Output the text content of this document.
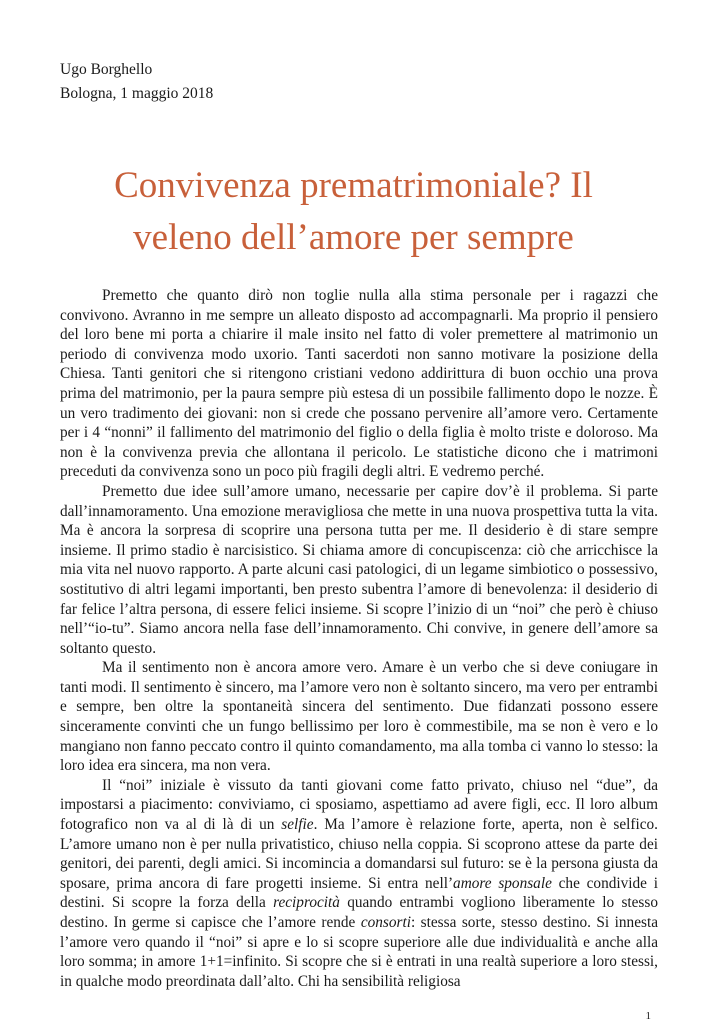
Ugo Borghello
Bologna, 1 maggio 2018
Convivenza prematrimoniale? Il
veleno dell’amore per sempre

Premetto che quanto dirò non toglie nulla alla stima personale per i ragazzi che convivono. Avranno in me sempre un alleato disposto ad accompagnarli. Ma proprio il pensiero del loro bene mi porta a chiarire il male insito nel fatto di voler premettere al matrimonio un periodo di convivenza modo uxorio. Tanti sacerdoti non sanno motivare la posizione della Chiesa. Tanti genitori che si ritengono cristiani vedono addirittura di buon occhio una prova prima del matrimonio, per la paura sempre più estesa di un possibile fallimento dopo le nozze. È un vero tradimento dei giovani: non si crede che possano pervenire all’amore vero. Certamente per i 4 “nonni” il fallimento del matrimonio del figlio o della figlia è molto triste e doloroso. Ma non è la convivenza previa che allontana il pericolo. Le statistiche dicono che i matrimoni preceduti da convivenza sono un poco più fragili degli altri. E vedremo perché.

Premetto due idee sull’amore umano, necessarie per capire dov’è il problema. Si parte dall’innamoramento. Una emozione meravigliosa che mette in una nuova prospettiva tutta la vita. Ma è ancora la sorpresa di scoprire una persona tutta per me. Il desiderio è di stare sempre insieme. Il primo stadio è narcisistico. Si chiama amore di concupiscenza: ciò che arricchisce la mia vita nel nuovo rapporto. A parte alcuni casi patologici, di un legame simbiotico o possessivo, sostitutivo di altri legami importanti, ben presto subentra l’amore di benevolenza: il desiderio di far felice l’altra persona, di essere felici insieme. Si scopre l’inizio di un “noi” che però è chiuso nell’“io-tu”. Siamo ancora nella fase dell’innamoramento. Chi convive, in genere dell’amore sa soltanto questo.

Ma il sentimento non è ancora amore vero. Amare è un verbo che si deve coniugare in tanti modi. Il sentimento è sincero, ma l’amore vero non è soltanto sincero, ma vero per entrambi e sempre, ben oltre la spontaneità sincera del sentimento. Due fidanzati possono essere sinceramente convinti che un fungo bellissimo per loro è commestibile, ma se non è vero e lo mangiano non fanno peccato contro il quinto comandamento, ma alla tomba ci vanno lo stesso: la loro idea era sincera, ma non vera.

Il “noi” iniziale è vissuto da tanti giovani come fatto privato, chiuso nel “due”, da impostarsi a piacimento: conviviamo, ci sposiamo, aspettiamo ad avere figli, ecc. Il loro album fotografico non va al di là di un selfie. Ma l’amore è relazione forte, aperta, non è selfico. L’amore umano non è per nulla privatistico, chiuso nella coppia. Si scoprono attese da parte dei genitori, dei parenti, degli amici. Si incomincia a domandarsi sul futuro: se è la persona giusta da sposare, prima ancora di fare progetti insieme. Si entra nell’amore sponsale che condivide i destini. Si scopre la forza della reciprocità quando entrambi vogliono liberamente lo stesso destino. In germe si capisce che l’amore rende consorti: stessa sorte, stesso destino. Si innesta l’amore vero quando il “noi” si apre e lo si scopre superiore alle due individualità e anche alla loro somma; in amore 1+1=infinito. Si scopre che si è entrati in una realtà superiore a loro stessi, in qualche modo preordinata dall’alto. Chi ha sensibilità religiosa

1
